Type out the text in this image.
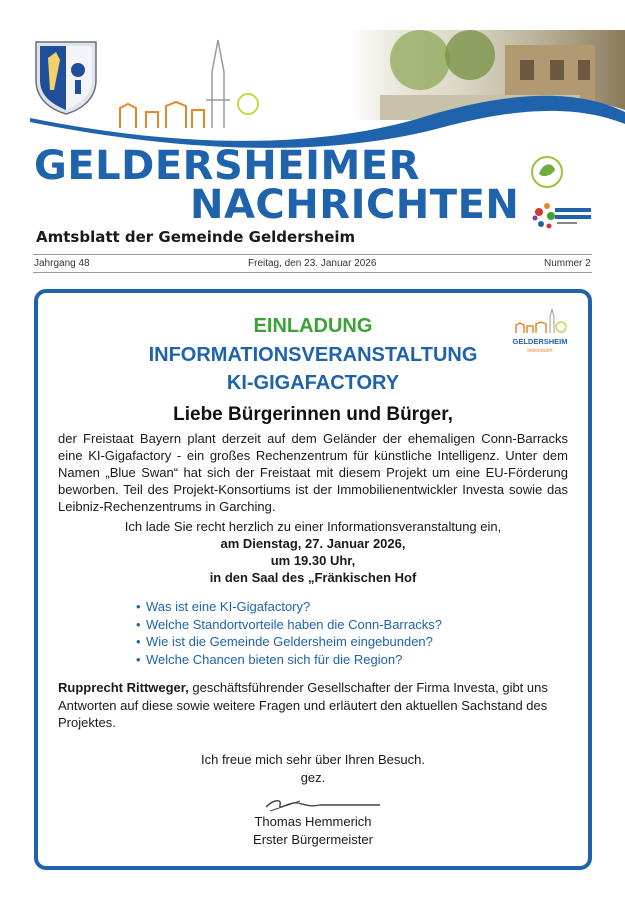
GELDERSHEIMER
NACHRICHTEN
Amtsblatt der Gemeinde Geldersheim
Jahrgang 48	Freitag, den 23. Januar 2026	Nummer 2
EINLADUNG
INFORMATIONSVERANSTALTUNG
KI-GIGAFACTORY
GELDERSHEIM
liebenswert
Liebe Bürgerinnen und Bürger,
der Freistaat Bayern plant derzeit auf dem Geländer der ehemaligen Conn-Barracks eine KI-Gigafactory - ein großes Rechenzentrum für künstliche Intelligenz. Unter dem Namen „Blue Swan“ hat sich der Freistaat mit diesem Projekt um eine EU-Förderung beworben. Teil des Projekt-Konsortiums ist der Immobilienentwickler Investa sowie das Leibniz-Rechenzentrums in Garching.
Ich lade Sie recht herzlich zu einer Informationsveranstaltung ein,
am Dienstag, 27. Januar 2026,
um 19.30 Uhr,
in den Saal des „Fränkischen Hof
• Was ist eine KI-Gigafactory?
• Welche Standortvorteile haben die Conn-Barracks?
• Wie ist die Gemeinde Geldersheim eingebunden?
• Welche Chancen bieten sich für die Region?
Rupprecht Rittweger, geschäftsführender Gesellschafter der Firma Investa, gibt uns Antworten auf diese sowie weitere Fragen und erläutert den aktuellen Sachstand des Projektes.
Ich freue mich sehr über Ihren Besuch.
gez.
Thomas Hemmerich
Erster Bürgermeister
